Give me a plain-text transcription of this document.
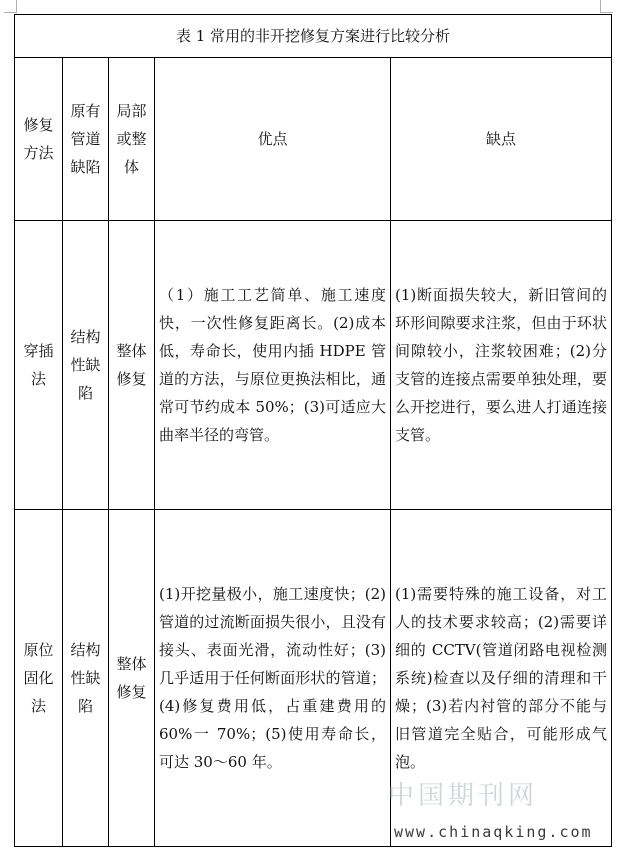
表 1 常用的非开挖修复方案进行比较分析				
修复方法	原有管道缺陷	局部或整体	优点	缺点
穿插法	结构性缺陷	整体修复	（1）施工工艺简单、施工速度快，一次性修复距离长。(2)成本低，寿命长，使用内插 HDPE 管道的方法，与原位更换法相比，通常可节约成本 50%；(3)可适应大曲率半径的弯管。	(1)断面损失较大，新旧管间的环形间隙要求注浆，但由于环状间隙较小，注浆较困难；(2)分支管的连接点需要单独处理，要么开挖进行，要么进人打通连接支管。
原位固化法	结构性缺陷	整体修复	(1)开挖量极小，施工速度快；(2)管道的过流断面损失很小，且没有接头、表面光滑，流动性好；(3)几乎适用于任何断面形状的管道；(4)修复费用低，占重建费用的 60%一 70%；(5)使用寿命长，可达 30～60 年。	(1)需要特殊的施工设备，对工人的技术要求较高；(2)需要详细的 CCTV(管道闭路电视检测系统)检查以及仔细的清理和干燥；(3)若内衬管的部分不能与旧管道完全贴合，可能形成气泡。
中国期刊网
www.chinaqking.com
